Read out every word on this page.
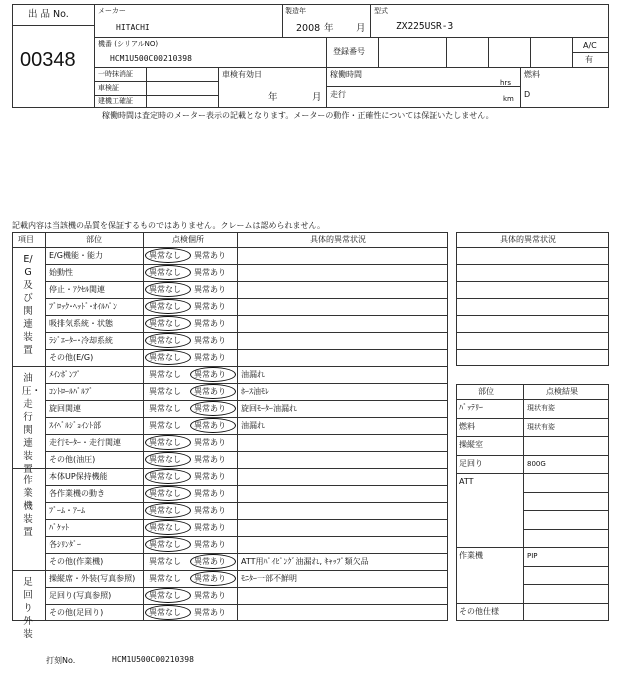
出 品 No.
00348
メーカー
HITACHI
製造年
2008 年 月
型式
ZX225USR-3
機番 (シリアルNO)
HCM1U500C00210398
登録番号
A/C
有
一時抹消証
車検証
建機工確証
車検有効日
年	月
稼働時間
hrs
走行	km
燃料
D
稼働時間は査定時のメーター表示の記載となります。メーターの動作・正確性については保証いたしません。
記載内容は当該機の品質を保証するものではありません。クレームは認められません。
項目	部位	点検個所	具体的異常状況
E/G及び関連装置
E/G機能・能力	異常なし 異常あり
始動性	異常なし 異常あり
停止・ｱｸｾﾙ関連	異常なし 異常あり
ﾌﾞﾛｯｸ･ﾍｯﾄﾞ･ｵｲﾙﾊﾟﾝ	異常なし 異常あり
吸排気系統・状態	異常なし 異常あり
ﾗｼﾞｴｰﾀｰ･冷却系統	異常なし 異常あり
その他(E/G)	異常なし 異常あり
油圧・走行関連装置
ﾒｲﾝﾎﾟﾝﾌﾟ	異常なし 異常あり 油漏れ
ｺﾝﾄﾛｰﾙﾊﾞﾙﾌﾞ	異常なし 異常あり ﾎｰｽ油ﾓﾚ
旋回関連	異常なし 異常あり 旋回ﾓｰﾀｰ油漏れ
ｽｲﾍﾞﾙｼﾞｮｲﾝﾄ部	異常なし 異常あり 油漏れ
走行ﾓｰﾀｰ・走行関連	異常なし 異常あり
その他(油圧)	異常なし 異常あり
作業機装置
本体UP保持機能	異常なし 異常あり
各作業機の動き	異常なし 異常あり
ﾌﾞｰﾑ・ｱｰﾑ	異常なし 異常あり
ﾊﾞｹｯﾄ	異常なし 異常あり
各ｼﾘﾝﾀﾞｰ	異常なし 異常あり
その他(作業機)	異常なし 異常あり ATT用ﾊﾟｲﾋﾟﾝｸﾞ油漏れ, ｷｬｯﾌﾟ類欠品
足回り外装
操縦席・外装(写真参照) 異常なし 異常あり ﾓﾆﾀｰ一部不鮮明
足回り(写真参照)	異常なし 異常あり
その他(足回り)	異常なし 異常あり
具体的異常状況
部位	点検結果
ﾊﾞｯﾃﾘｰ	現状有姿
燃料	現状有姿
操縦室
足回り	800G
ATT
作業機	PIP
その他仕様
打刻No.	HCM1U500C00210398
